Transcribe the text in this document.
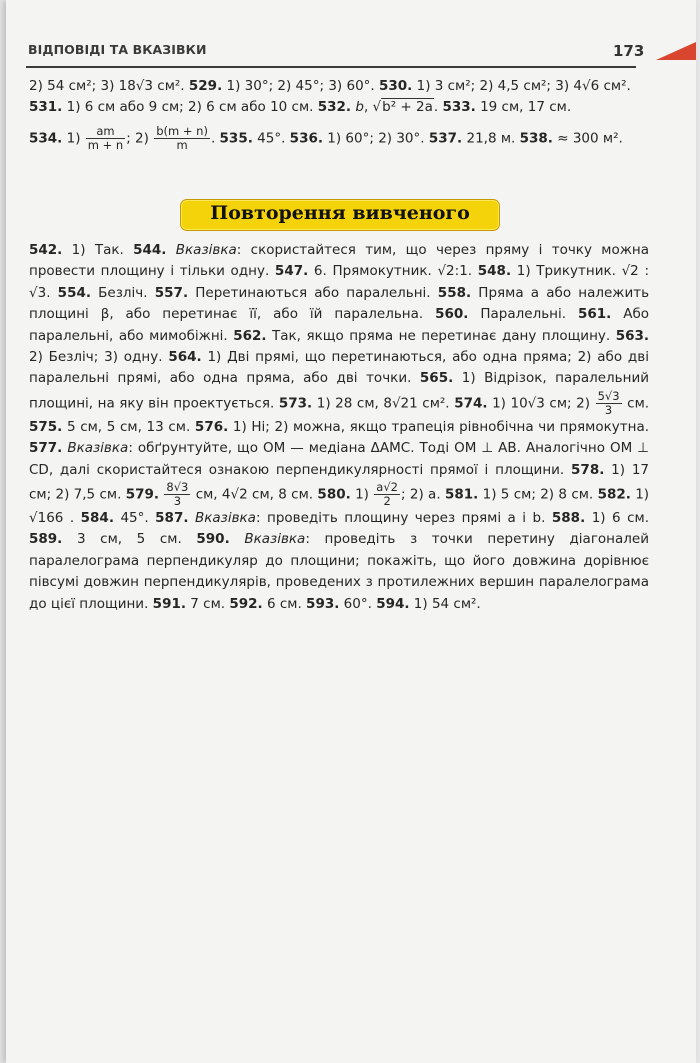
ВІДПОВІДІ ТА ВКАЗІВКИ	173
2) 54 см²; 3) 18√3 см². 529. 1) 30°; 2) 45°; 3) 60°. 530. 1) 3 см²; 2) 4,5 см²; 3) 4√6 см².
531. 1) 6 см або 9 см; 2) 6 см або 10 см. 532. b, √b² + 2a. 533. 19 см, 17 см.
534. $1) \frac{am}{m + n}$ ; $2) \frac{b(m + n)}{m}$ . 535. 45°. 536. 1) 60°; 2) 30°. 537. 21,8 м. 538. ≈ 300 м².
Повторення вивченого
542. 1) Так. 544. Вказівка: скористайтеся тим, що через пряму і точку можна провести площину і тільки одну. 547. 6. Прямокутник. √2:1. 548. 1) Трикутник. √2 : √3. 554. Безліч. 557. Перетинаються або паралельні. 558. Пряма a або належить площині β, або перетинає її, або їй паралельна. 560. Паралельні. 561. Або паралельні, або мимобіжні. 562. Так, якщо пряма не перетинає дану площину. 563. 2) Безліч; 3) одну. 564. 1) Дві прямі, що перетинаються, або одна пряма; 2) або дві паралельні прямі, або одна пряма, або дві точки. 565. 1) Відрізок, паралельний площині, на яку він проектується. 573. 1) 28 см, 8√21 см². 574. 1) 10√3 см; $2) \frac{5√3}{3}$ см. 575. 5 см, 5 см, 13 см. 576. 1) Ні; 2) можна, якщо трапеція рівнобічна чи прямокутна. 577. Вказівка: обґрунтуйте, що OM — медіана ΔAMC. Тоді OM ⊥ AB. Аналогічно OM ⊥ CD, далі скористайтеся ознакою перпендикулярності прямої і площини. 578. 1) 17 см; 2) 7,5 см. 579. $\frac{8√3}{3}$ см, 4√2 см, 8 см. 580. $1) \frac{a√2}{2}$ ; 2) a. 581. 1) 5 см; 2) 8 см. 582. 1) √166 . 584. 45°. 587. Вказівка: проведіть площину через прямі a і b. 588. 1) 6 см. 589. 3 см, 5 см. 590. Вказівка: проведіть з точки перетину діагоналей паралелограма перпендикуляр до площини; покажіть, що його довжина дорівнює півсумі довжин перпендикулярів, проведених з протилежних вершин паралелограма до цієї площини. 591. 7 см. 592. 6 см. 593. 60°. 594. 1) 54 см².
